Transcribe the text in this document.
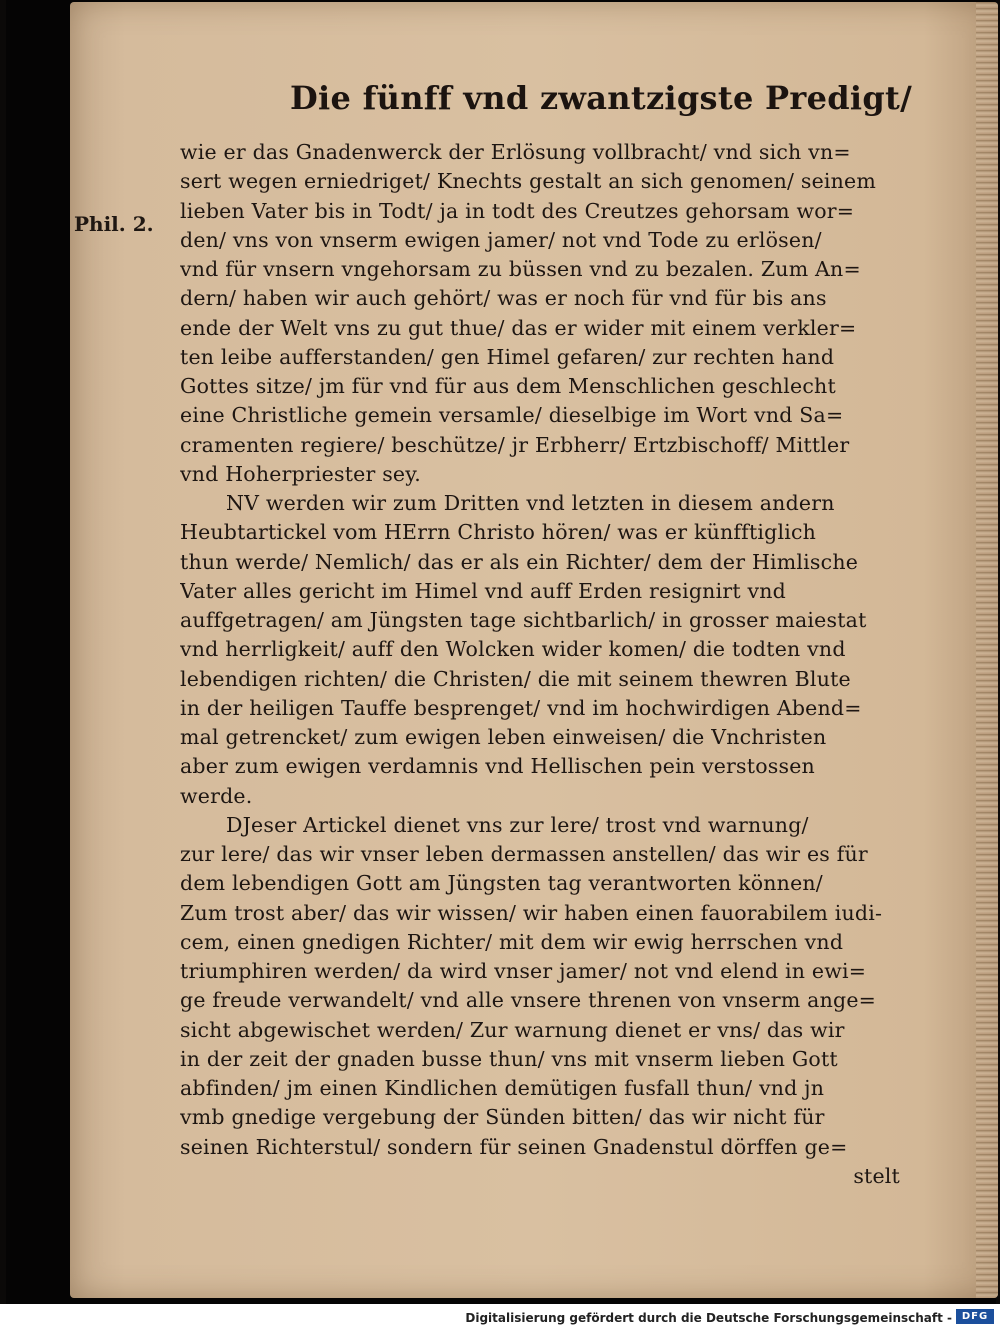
Die fünff vnd zwantzigste Predigt/
Phil. 2.
wie er das Gnadenwerck der Erlösung vollbracht/ vnd sich vn=
sert wegen erniedriget/ Knechts gestalt an sich genomen/ seinem
lieben Vater bis in Todt/ ja in todt des Creutzes gehorsam wor=
den/ vns von vnserm ewigen jamer/ not vnd Tode zu erlösen/
vnd für vnsern vngehorsam zu büssen vnd zu bezalen. Zum An=
dern/ haben wir auch gehört/ was er noch für vnd für bis ans
ende der Welt vns zu gut thue/ das er wider mit einem verkler=
ten leibe aufferstanden/ gen Himel gefaren/ zur rechten hand
Gottes sitze/ jm für vnd für aus dem Menschlichen geschlecht
eine Christliche gemein versamle/ dieselbige im Wort vnd Sa=
cramenten regiere/ beschütze/ jr Erbherr/ Ertzbischoff/ Mittler
vnd Hoherpriester sey.
NV werden wir zum Dritten vnd letzten in diesem andern
Heubtartickel vom HErrn Christo hören/ was er künfftiglich
thun werde/ Nemlich/ das er als ein Richter/ dem der Himlische
Vater alles gericht im Himel vnd auff Erden resignirt vnd
auffgetragen/ am Jüngsten tage sichtbarlich/ in grosser maiestat
vnd herrligkeit/ auff den Wolcken wider komen/ die todten vnd
lebendigen richten/ die Christen/ die mit seinem thewren Blute
in der heiligen Tauffe besprenget/ vnd im hochwirdigen Abend=
mal getrencket/ zum ewigen leben einweisen/ die Vnchristen
aber zum ewigen verdamnis vnd Hellischen pein verstossen
werde.
DJeser Artickel dienet vns zur lere/ trost vnd warnung/
zur lere/ das wir vnser leben dermassen anstellen/ das wir es für
dem lebendigen Gott am Jüngsten tag verantworten können/
Zum trost aber/ das wir wissen/ wir haben einen fauorabilem iudi-
cem, einen gnedigen Richter/ mit dem wir ewig herrschen vnd
triumphiren werden/ da wird vnser jamer/ not vnd elend in ewi=
ge freude verwandelt/ vnd alle vnsere threnen von vnserm ange=
sicht abgewischet werden/ Zur warnung dienet er vns/ das wir
in der zeit der gnaden busse thun/ vns mit vnserm lieben Gott
abfinden/ jm einen Kindlichen demütigen fusfall thun/ vnd jn
vmb gnedige vergebung der Sünden bitten/ das wir nicht für
seinen Richterstul/ sondern für seinen Gnadenstul dörffen ge=
stelt
Digitalisierung gefördert durch die Deutsche Forschungsgemeinschaft - DFG
